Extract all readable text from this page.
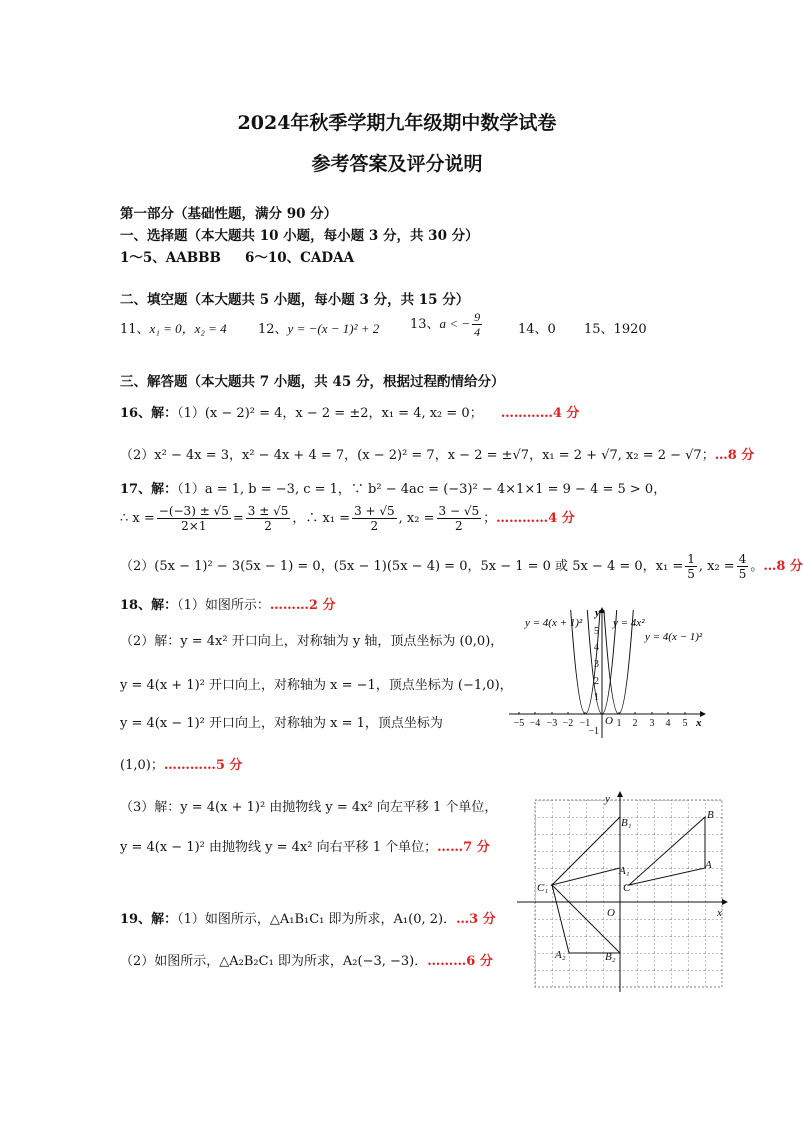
2024年秋季学期九年级期中数学试卷
参考答案及评分说明
第一部分（基础性题，满分 90 分）
一、选择题（本大题共 10 小题，每小题 3 分，共 30 分）
1～5、AABBB 6～10、CADAA
二、填空题（本大题共 5 小题，每小题 3 分，共 15 分）
11、x₁ = 0，x₂ = 4 12、y = −(x − 1)² + 2 13、a < − $\frac{9}{4}$	14、0 15、1920
三、解答题（本大题共 7 小题，共 45 分，根据过程酌情给分）
16、解：（1）(x − 2)² = 4，x − 2 = ±2，x₁ = 4, x₂ = 0； …………4 分
（2）x² − 4x = 3，x² − 4x + 4 = 7，(x − 2)² = 7，x − 2 = ±√7，x₁ = 2 + √7, x₂ = 2 − √7；…8 分
17、解：（1）a = 1, b = −3, c = 1，∵ b² − 4ac = (−3)² − 4×1×1 = 9 − 4 = 5 > 0，
∴ $x = \frac{-(-3) \pm √5}{2\times 1} = \frac{3 \pm √5}{2}$ ，∴ $x_1 = \frac{3 + √5}{2}$ , $x_2 = \frac{3 - √5}{2}$ ；…………4 分
（2）(5x − 1)² − 3(5x − 1) = 0，(5x − 1)(5x − 4) = 0，5x − 1 = 0 或 5x − 4 = 0，$x_1 = \frac{1}{5}$ , $x_2 = \frac{4}{5}$ 。…8 分
18、解：（1）如图所示：………2 分
（2）解：y = 4x² 开口向上，对称轴为 y 轴，顶点坐标为 (0,0)，
y = 4(x + 1)² 开口向上，对称轴为 x = −1，顶点坐标为 (−1,0)，
y = 4(x − 1)² 开口向上，对称轴为 x = 1，顶点坐标为
(1,0)；…………5 分
（3）解：y = 4(x + 1)² 由抛物线 y = 4x² 向左平移 1 个单位，
y = 4(x − 1)² 由抛物线 y = 4x² 向右平移 1 个单位；……7 分
19、解：（1）如图所示，△A₁B₁C₁ 即为所求，A₁(0, 2)．…3 分
（2）如图所示，△A₂B₂C₁ 即为所求，A₂(−3, −3)．………6 分
−5 −4 −3 −2 −1	1 2 3 4 5
5
4
3
2
1
−1
O	x
y
y = 4(x + 1)²	y = 4x²
y = 4(x − 1)²
B
A
C
B₁
A₁
C₁
A₂	B₂
O	x
y
